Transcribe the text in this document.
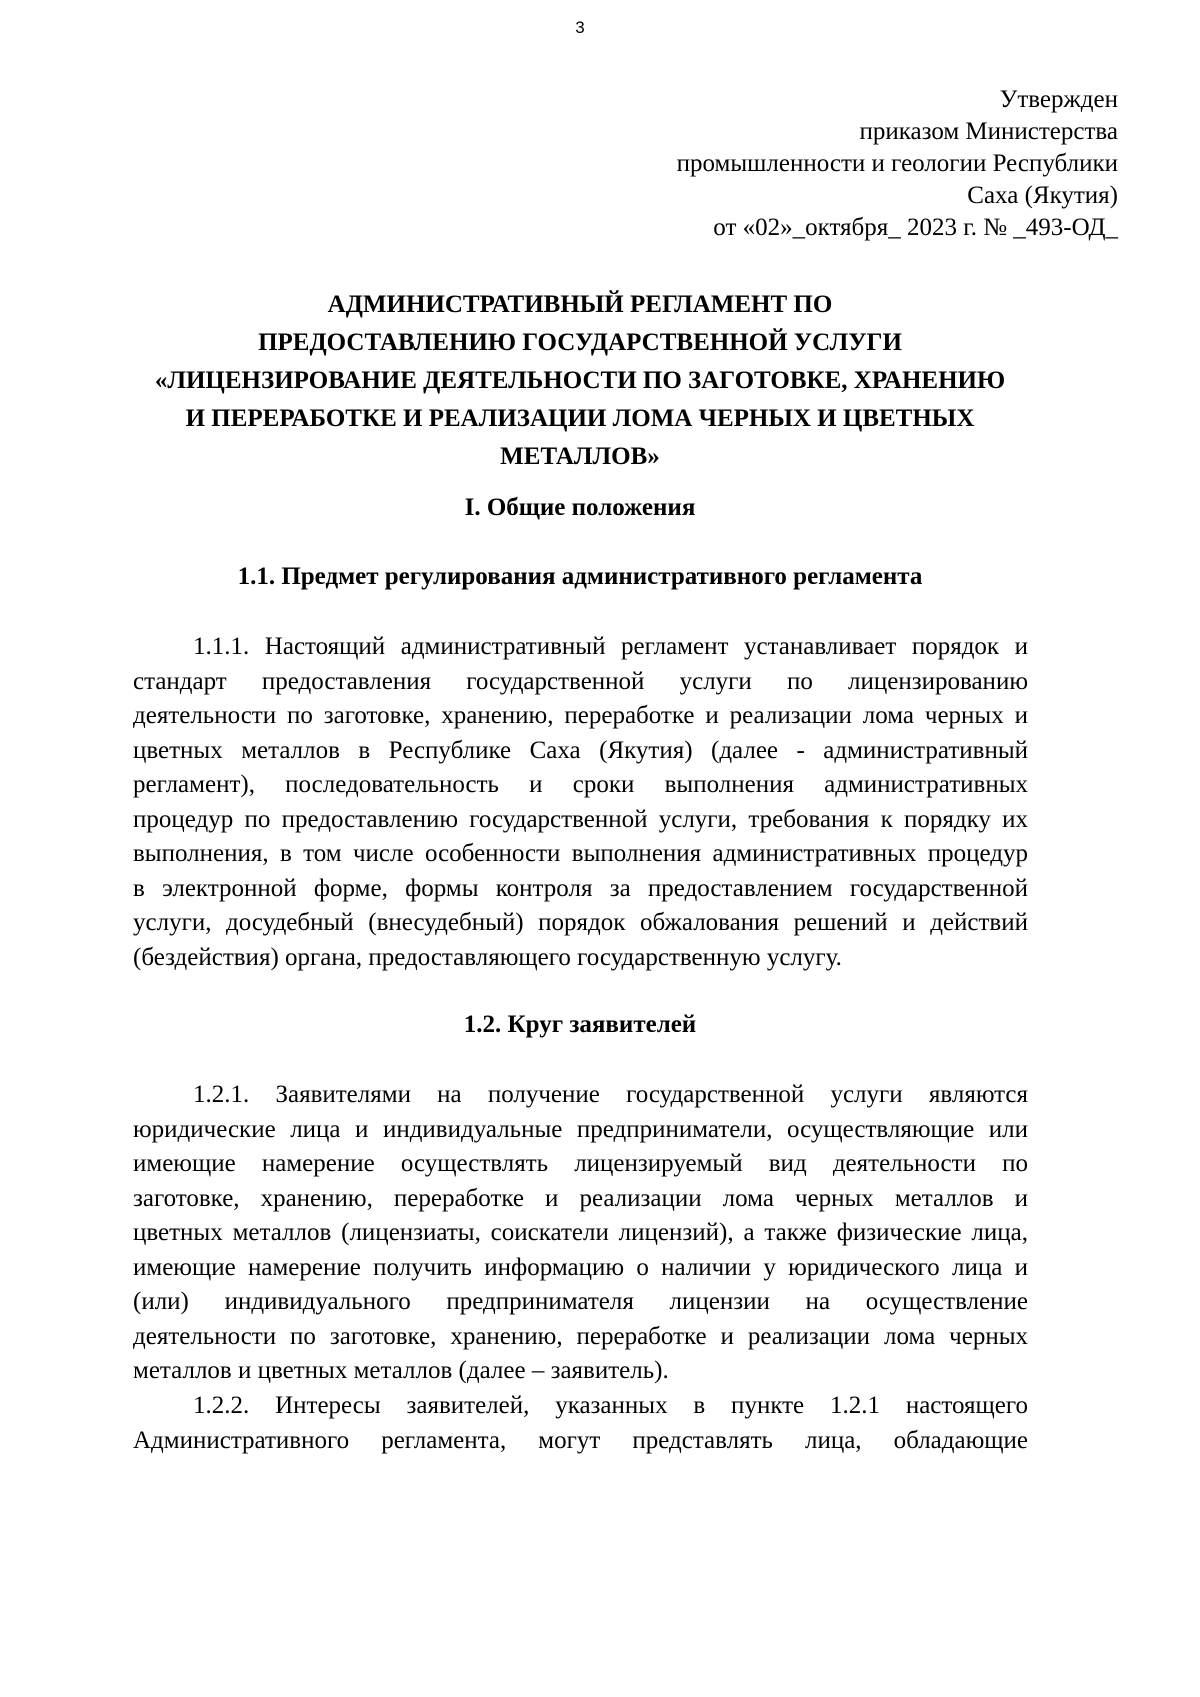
3
Утвержден
приказом Министерства
промышленности и геологии Республики
Саха (Якутия)
от «02»_октября_ 2023 г. № _493-ОД_
АДМИНИСТРАТИВНЫЙ РЕГЛАМЕНТ ПО
ПРЕДОСТАВЛЕНИЮ ГОСУДАРСТВЕННОЙ УСЛУГИ
«ЛИЦЕНЗИРОВАНИЕ ДЕЯТЕЛЬНОСТИ ПО ЗАГОТОВКЕ, ХРАНЕНИЮ
И ПЕРЕРАБОТКЕ И РЕАЛИЗАЦИИ ЛОМА ЧЕРНЫХ И ЦВЕТНЫХ
МЕТАЛЛОВ»
I. Общие положения
1.1. Предмет регулирования административного регламента
1.1.1. Настоящий административный регламент устанавливает порядок и
стандарт предоставления государственной услуги по лицензированию
деятельности по заготовке, хранению, переработке и реализации лома черных и
цветных металлов в Республике Саха (Якутия) (далее - административный
регламент), последовательность и сроки выполнения административных
процедур по предоставлению государственной услуги, требования к порядку их
выполнения, в том числе особенности выполнения административных процедур
в электронной форме, формы контроля за предоставлением государственной
услуги, досудебный (внесудебный) порядок обжалования решений и действий
(бездействия) органа, предоставляющего государственную услугу.
1.2. Круг заявителей
1.2.1. Заявителями на получение государственной услуги являются
юридические лица и индивидуальные предприниматели, осуществляющие или
имеющие намерение осуществлять лицензируемый вид деятельности по
заготовке, хранению, переработке и реализации лома черных металлов и
цветных металлов (лицензиаты, соискатели лицензий), а также физические лица,
имеющие намерение получить информацию о наличии у юридического лица и
(или) индивидуального предпринимателя лицензии на осуществление
деятельности по заготовке, хранению, переработке и реализации лома черных
металлов и цветных металлов (далее – заявитель).
1.2.2. Интересы заявителей, указанных в пункте 1.2.1 настоящего
Административного регламента, могут представлять лица, обладающие
